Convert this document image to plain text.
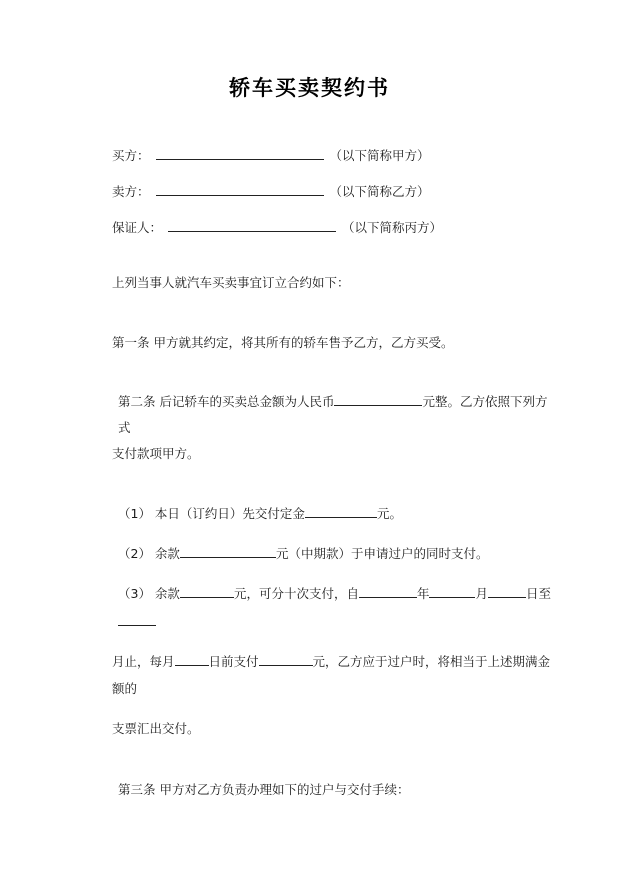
轿车买卖契约书
买方：	（以下简称甲方）
卖方：	（以下简称乙方）
保证人：	（以下简称丙方）

上列当事人就汽车买卖事宜订立合约如下：

第一条 甲方就其约定，将其所有的轿车售予乙方，乙方买受。

第二条 后记轿车的买卖总金额为人民币	元整。乙方依照下列方式

支付款项甲方。

（1） 本日（订约日）先交付定金	元。

（2） 余款	元（中期款）于申请过户的同时支付。

（3） 余款	元，可分十次支付，自	年	月	日至

月止，每月	日前支付	元，乙方应于过户时，将相当于上述期满金额的

支票汇出交付。

第三条 甲方对乙方负责办理如下的过户与交付手续：
